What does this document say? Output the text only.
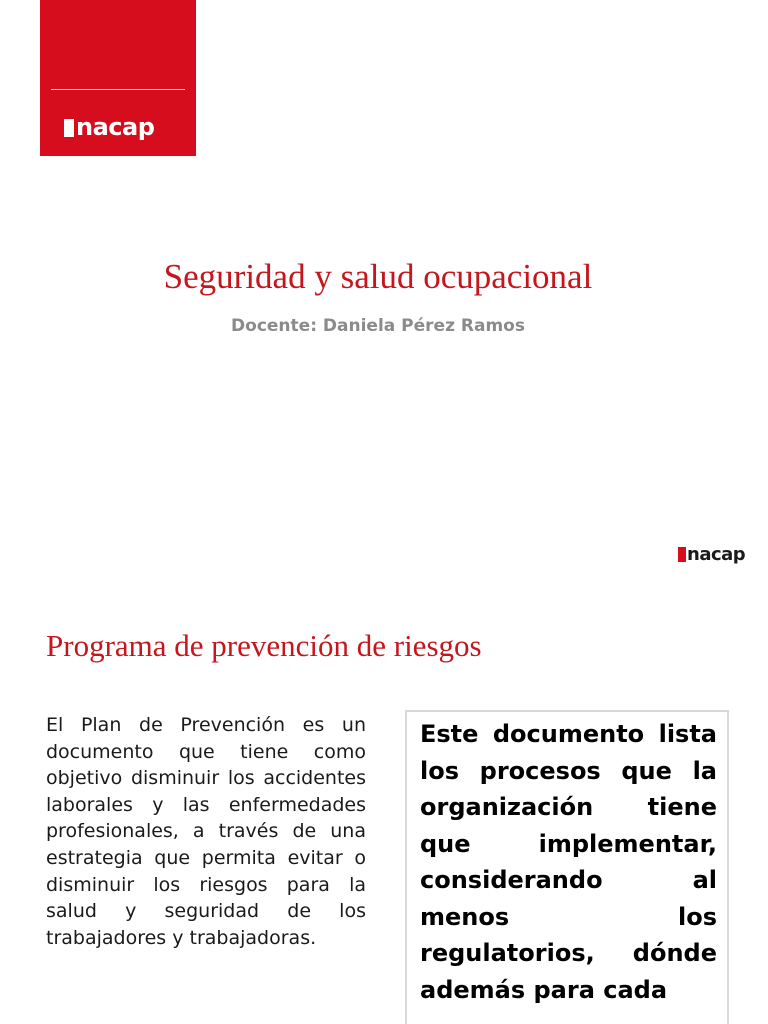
nacap
Seguridad y salud ocupacional

Docente: Daniela Pérez Ramos

nacap
Programa de prevención de riesgos

El Plan de Prevención es un documento que tiene como objetivo disminuir los accidentes laborales y las enfermedades profesionales, a través de una estrategia que permita evitar o disminuir los riesgos para la salud y seguridad de los trabajadores y trabajadoras.

Este documento lista los procesos que la organización tiene que implementar, considerando al menos los regulatorios, dónde además para cada
